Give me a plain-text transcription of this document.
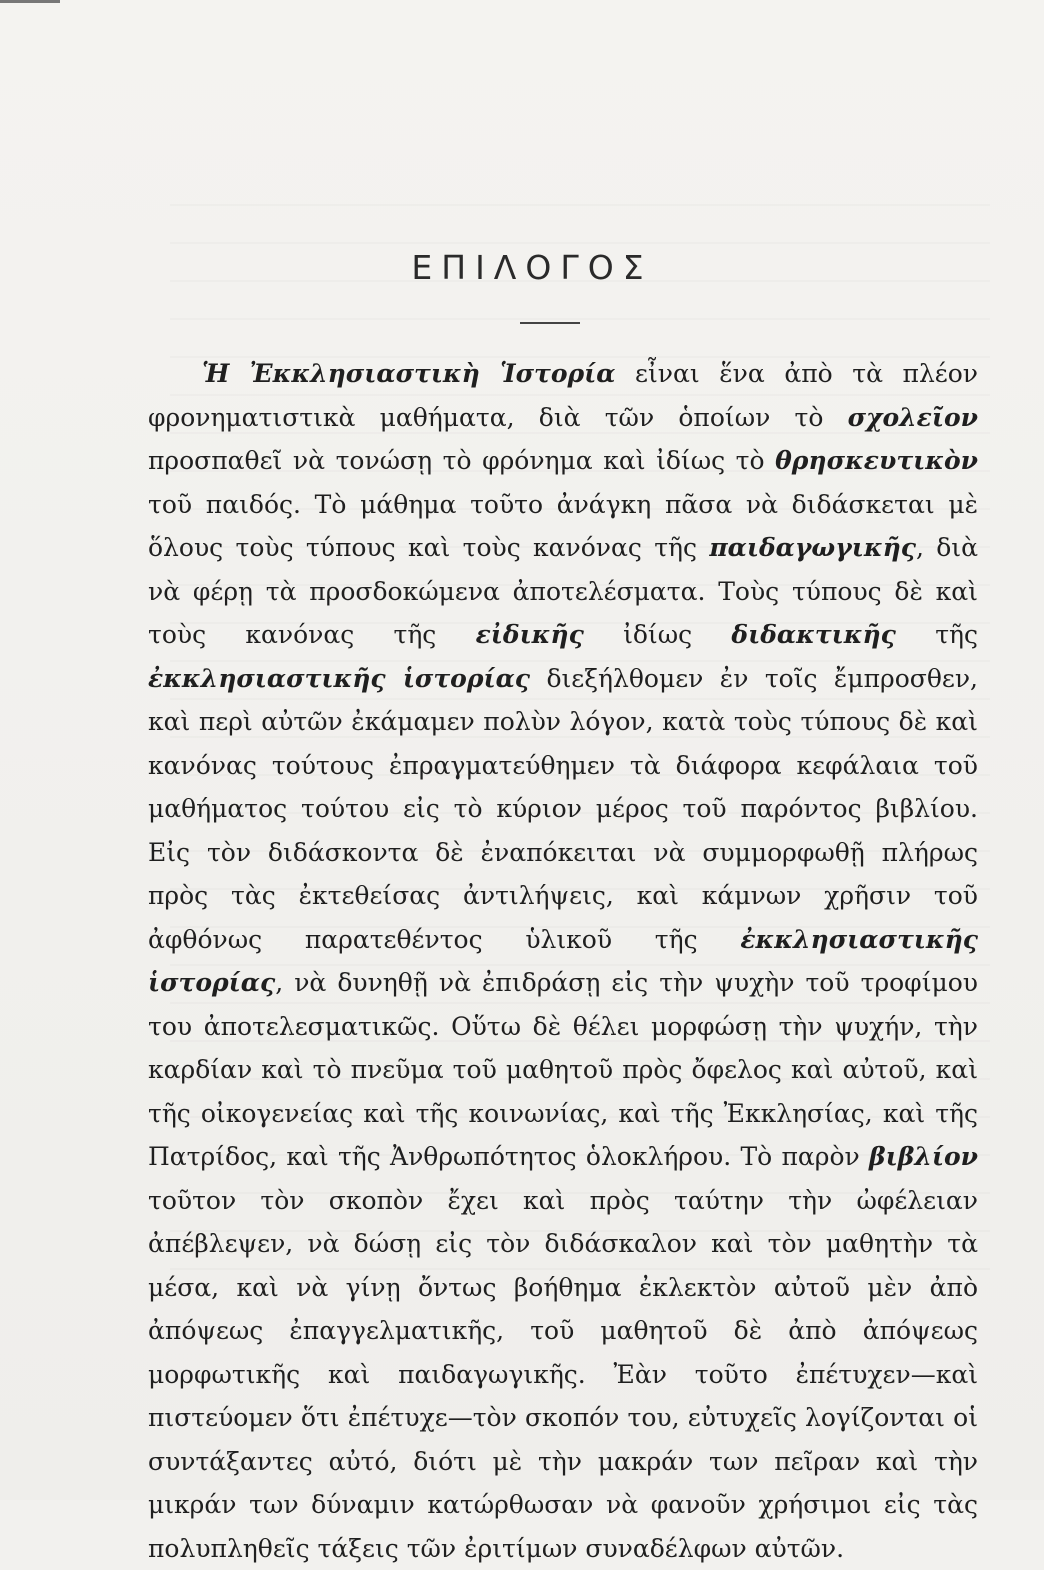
ΕΠΙΛΟΓΟΣ

Ἡ Ἐκκλησιαστικὴ Ἱστορία εἶναι ἕνα ἀπὸ τὰ πλέον φρονηματιστικὰ μαθήματα, διὰ τῶν ὁποίων τὸ σχολεῖον προσπαθεῖ νὰ τονώσῃ τὸ φρόνημα καὶ ἰδίως τὸ θρησκευτικὸν τοῦ παιδός. Τὸ μάθημα τοῦτο ἀνάγκη πᾶσα νὰ διδάσκεται μὲ ὅλους τοὺς τύπους καὶ τοὺς κανόνας τῆς παιδαγωγικῆς, διὰ νὰ φέρῃ τὰ προσδοκώμενα ἀποτελέσματα. Τοὺς τύπους δὲ καὶ τοὺς κανόνας τῆς εἰδικῆς ἰδίως διδακτικῆς τῆς ἐκκλησιαστικῆς ἱστορίας διεξήλθομεν ἐν τοῖς ἔμπροσθεν, καὶ περὶ αὐτῶν ἐκάμαμεν πολὺν λόγον, κατὰ τοὺς τύπους δὲ καὶ κανόνας τούτους ἐπραγματεύθημεν τὰ διάφορα κεφάλαια τοῦ μαθήματος τούτου εἰς τὸ κύριον μέρος τοῦ παρόντος βιβλίου. Εἰς τὸν διδάσκοντα δὲ ἐναπόκειται νὰ συμμορφωθῇ πλήρως πρὸς τὰς ἐκτεθείσας ἀντιλήψεις, καὶ κάμνων χρῆσιν τοῦ ἀφθόνως παρατεθέντος ὑλικοῦ τῆς ἐκκλησιαστικῆς ἱστορίας, νὰ δυνηθῇ νὰ ἐπιδράσῃ εἰς τὴν ψυχὴν τοῦ τροφίμου του ἀποτελεσματικῶς. Οὕτω δὲ θέλει μορφώσῃ τὴν ψυχήν, τὴν καρδίαν καὶ τὸ πνεῦμα τοῦ μαθητοῦ πρὸς ὄφελος καὶ αὐτοῦ, καὶ τῆς οἰκογενείας καὶ τῆς κοινωνίας, καὶ τῆς Ἐκκλησίας, καὶ τῆς Πατρίδος, καὶ τῆς Ἀνθρωπότητος ὁλοκλήρου. Τὸ παρὸν βιβλίον τοῦτον τὸν σκοπὸν ἔχει καὶ πρὸς ταύτην τὴν ὠφέλειαν ἀπέβλεψεν, νὰ δώσῃ εἰς τὸν διδάσκαλον καὶ τὸν μαθητὴν τὰ μέσα, καὶ νὰ γίνῃ ὄντως βοήθημα ἐκλεκτὸν αὐτοῦ μὲν ἀπὸ ἀπόψεως ἐπαγγελματικῆς, τοῦ μαθητοῦ δὲ ἀπὸ ἀπόψεως μορφωτικῆς καὶ παιδαγωγικῆς. Ἐὰν τοῦτο ἐπέτυχεν—καὶ πιστεύομεν ὅτι ἐπέτυχε—τὸν σκοπόν του, εὐτυχεῖς λογίζονται οἱ συντάξαντες αὐτό, διότι μὲ τὴν μακράν των πεῖραν καὶ τὴν μικράν των δύναμιν κατώρθωσαν νὰ φανοῦν χρήσιμοι εἰς τὰς πολυπληθεῖς τάξεις τῶν ἐριτίμων συναδέλφων αὐτῶν.
